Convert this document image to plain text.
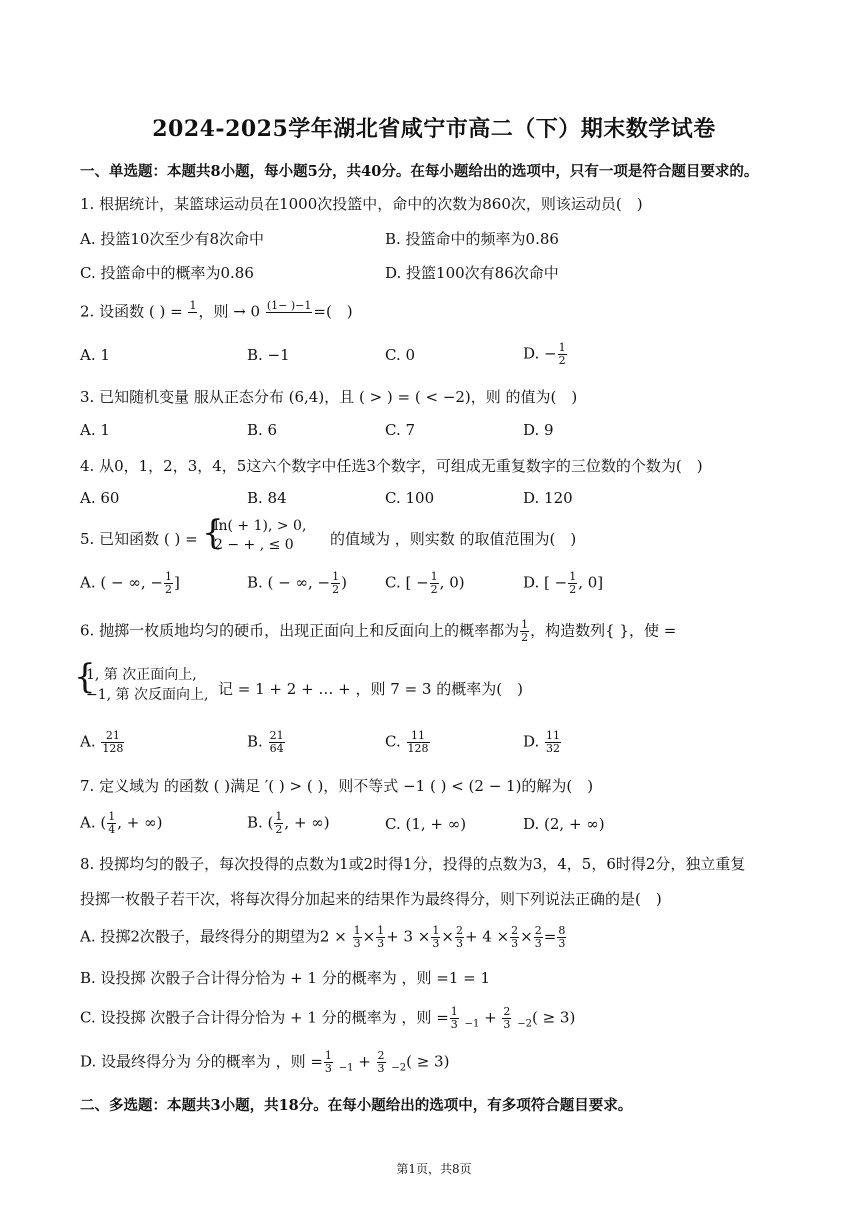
2024-2025学年湖北省咸宁市高二（下）期末数学试卷
一、单选题：本题共8小题，每小题5分，共40分。在每小题给出的选项中，只有一项是符合题目要求的。
1. 根据统计，某篮球运动员在1000次投篮中，命中的次数为860次，则该运动员(　)
A. 投篮10次至少有8次命中	B. 投篮命中的频率为0.86
C. 投篮命中的概率为0.86	D. 投篮100次有86次命中
2. 设函数 ( ) = 1
，则 → 0 (1− )−1
=(　)
A. 1	B. −1	C. 0	D. − $\frac{1}{2}$
3. 已知随机变量 服从正态分布 (6,4)，且 ( > ) = ( < −2)，则 的值为(　)
A. 1	B. 6	C. 7	D. 9
4. 从0，1，2，3，4，5这六个数字中任选3个数字，可组成无重复数字的三位数的个数为(　)
A. 60	B. 84	C. 100	D. 120
5. 已知函数 ( ) = {
ln( + 1), > 0,
2 − + , ≤ 0 的值域为 ，则实数 的取值范围为(　)
A. ( − ∞, − $\frac{1}{2}$ ]	B. ( − ∞, − $\frac{1}{2}$ )	C. [ − $\frac{1}{2}$ , 0)	D. [ − $\frac{1}{2}$ , 0]
6. 抛掷一枚质地均匀的硬币，出现正面向上和反面向上的概率都为 $\frac{1}{2}$ ，构造数列{ }，使 =
{
1, 第 次正面向上,
−1, 第 次反面向上, 记 = 1 + 2 + … + ，则 7 = 3 的概率为(　)
A. $\frac{21}{128}$	B. $\frac{21}{64}$	C. $\frac{11}{128}$	D. $\frac{11}{32}$
7. 定义域为 的函数 ( )满足 ′( ) > ( )，则不等式 −1 ( ) < (2 − 1)的解为(　)
A. ( $\frac{1}{4}$ , + ∞)	B. ( $\frac{1}{2}$ , + ∞)	C. (1, + ∞)	D. (2, + ∞)
8. 投掷均匀的骰子，每次投得的点数为1或2时得1分，投得的点数为3，4，5，6时得2分，独立重复
投掷一枚骰子若干次，将每次得分加起来的结果作为最终得分，则下列说法正确的是(　)
A. 投掷2次骰子，最终得分的期望为$2 \times \frac{1}{3} \times \frac{1}{3} + 3 \times \frac{1}{3} \times \frac{2}{3} + 4 \times \frac{2}{3} \times \frac{2}{3} = \frac{8}{3}$
B. 设投掷 次骰子合计得分恰为 + 1 分的概率为 ，则 =1 = 1
C. 设投掷 次骰子合计得分恰为 + 1 分的概率为 ，则 = $\frac{1}{3} _{-1} + \frac{2}{3} _{-2}( \ge 3)$
D. 设最终得分为 分的概率为 ，则 = $\frac{1}{3} _{-1} + \frac{2}{3} _{-2}( \ge 3)$
二、多选题：本题共3小题，共18分。在每小题给出的选项中，有多项符合题目要求。
第1页，共8页
